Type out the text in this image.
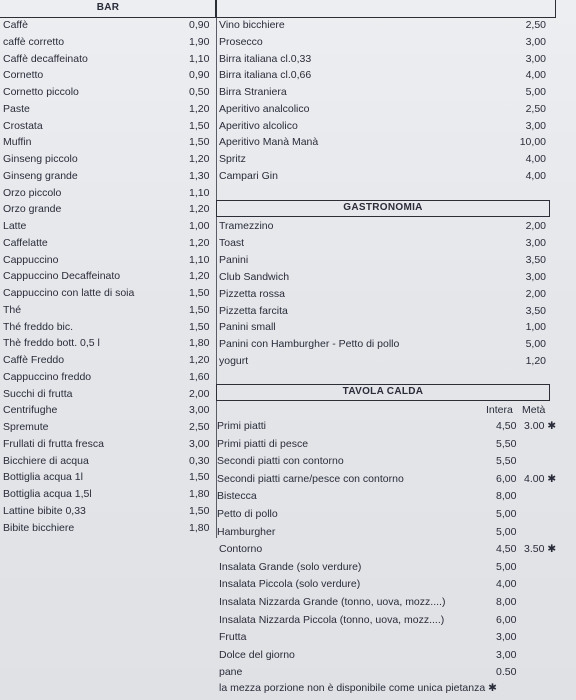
BAR
Caffè	0,90
caffè corretto	1,90
Caffè decaffeinato	1,10
Cornetto	0,90
Cornetto piccolo	0,50
Paste	1,20
Crostata	1,50
Muffin	1,50
Ginseng piccolo	1,20
Ginseng grande	1,30
Orzo piccolo	1,10
Orzo grande	1,20
Latte	1,00
Caffelatte	1,20
Cappuccino	1,10
Cappuccino Decaffeinato	1,20
Cappuccino con latte di soia	1,50
Thé	1,50
Thé freddo bic.	1,50
Thè freddo bott. 0,5 l	1,80
Caffè Freddo	1,20
Cappuccino freddo	1,60
Succhi di frutta	2,00
Centrifughe	3,00
Spremute	2,50
Frullati di frutta fresca	3,00
Bicchiere di acqua	0,30
Bottiglia acqua 1l	1,50
Bottiglia acqua 1,5l	1,80
Lattine bibite 0,33	1,50
Bibite bicchiere	1,80
Vino bicchiere	2,50
Prosecco	3,00
Birra italiana cl.0,33	3,00
Birra italiana cl.0,66	4,00
Birra Straniera	5,00
Aperitivo analcolico	2,50
Aperitivo alcolico	3,00
Aperitivo Manà Manà	10,00
Spritz	4,00
Campari Gin	4,00
GASTRONOMIA
Tramezzino	2,00
Toast	3,00
Panini	3,50
Club Sandwich	3,00
Pizzetta rossa	2,00
Pizzetta farcita	3,50
Panini small	1,00
Panini con Hamburgher - Petto di pollo	5,00
yogurt	1,20
TAVOLA CALDA
Intera Metà
Primi piatti	4,50 3.00 ✱
Primi piatti di pesce	5,50
Secondi piatti con contorno	5,50
Secondi piatti carne/pesce con contorno	6,00 4.00 ✱
Bistecca	8,00
Petto di pollo	5,00
Hamburgher	5,00
Contorno	4,50 3.50 ✱
Insalata Grande (solo verdure)	5,00
Insalata Piccola (solo verdure)	4,00
Insalata Nizzarda Grande (tonno, uova, mozz....)	8,00
Insalata Nizzarda Piccola (tonno, uova, mozz....)	6,00
Frutta	3,00
Dolce del giorno	3,00
pane	0.50
la mezza porzione non è disponibile come unica pietanza ✱
